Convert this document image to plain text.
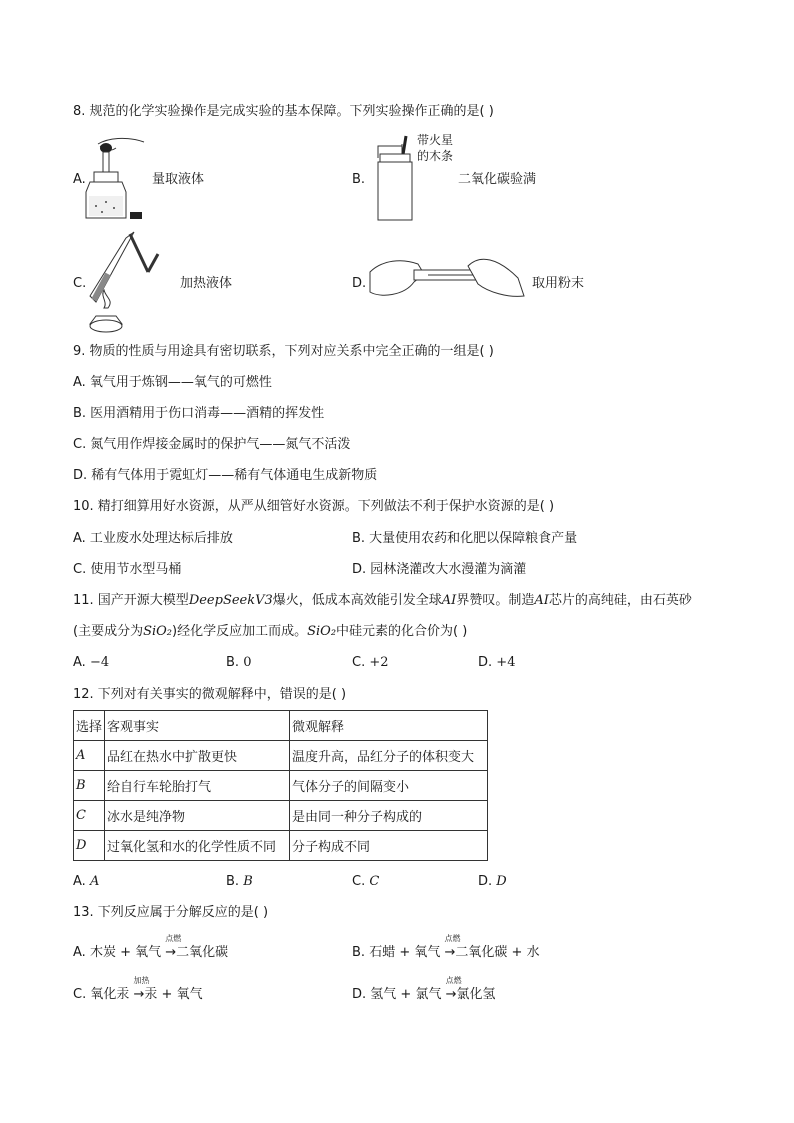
8. 规范的化学实验操作是完成实验的基本保障。下列实验操作正确的是( )
A.	量取液体	B.
带火星
的木条
二氧化碳验满
C.	加热液体	D.	取用粉末
9. 物质的性质与用途具有密切联系，下列对应关系中完全正确的一组是( )
A. 氧气用于炼钢——氧气的可燃性
B. 医用酒精用于伤口消毒——酒精的挥发性
C. 氮气用作焊接金属时的保护气——氮气不活泼
D. 稀有气体用于霓虹灯——稀有气体通电生成新物质
10. 精打细算用好水资源，从严从细管好水资源。下列做法不利于保护水资源的是( )
A. 工业废水处理达标后排放	B. 大量使用农药和化肥以保障粮食产量
C. 使用节水型马桶	D. 园林浇灌改大水漫灌为滴灌
11. 国产开源大模型DeepSeekV3爆火，低成本高效能引发全球AI界赞叹。制造AI芯片的高纯硅，由石英砂
(主要成分为SiO₂)经化学反应加工而成。SiO₂中硅元素的化合价为( )
A. −4	B. 0	C. +2	D. +4
12. 下列对有关事实的微观解释中，错误的是( )
选择	客观事实	微观解释
A	品红在热水中扩散更快	温度升高，品红分子的体积变大
B	给自行车轮胎打气	气体分子的间隔变小
C	冰水是纯净物	是由同一种分子构成的
D	过氧化氢和水的化学性质不同	分子构成不同
A. A	B. B	C. C	D. D
13. 下列反应属于分解反应的是( )
A. 木炭 + 氧气
点燃
→二氧化碳	B. 石蜡 + 氧气
点燃
→二氧化碳 + 水
C. 氧化汞
加热
→汞 + 氧气	D. 氢气 + 氯气
点燃
→氯化氢
